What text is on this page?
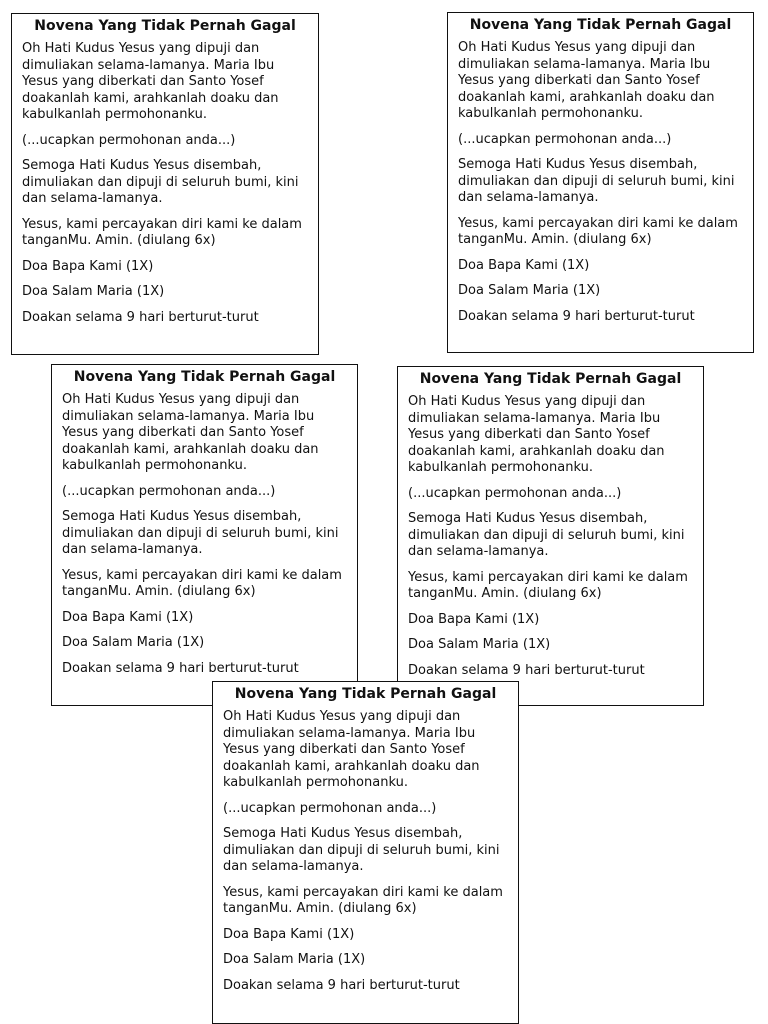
Novena Yang Tidak Pernah Gagal

Oh Hati Kudus Yesus yang dipuji dan dimuliakan selama-lamanya. Maria Ibu Yesus yang diberkati dan Santo Yosef doakanlah kami, arahkanlah doaku dan kabulkanlah permohonanku.

(...ucapkan permohonan anda...)

Semoga Hati Kudus Yesus disembah, dimuliakan dan dipuji di seluruh bumi, kini dan selama-lamanya.

Yesus, kami percayakan diri kami ke dalam tanganMu. Amin. (diulang 6x)

Doa Bapa Kami (1X)

Doa Salam Maria (1X)

Doakan selama 9 hari berturut-turut

Novena Yang Tidak Pernah Gagal

Oh Hati Kudus Yesus yang dipuji dan dimuliakan selama-lamanya. Maria Ibu Yesus yang diberkati dan Santo Yosef doakanlah kami, arahkanlah doaku dan kabulkanlah permohonanku.

(...ucapkan permohonan anda...)

Semoga Hati Kudus Yesus disembah, dimuliakan dan dipuji di seluruh bumi, kini dan selama-lamanya.

Yesus, kami percayakan diri kami ke dalam tanganMu. Amin. (diulang 6x)

Doa Bapa Kami (1X)

Doa Salam Maria (1X)

Doakan selama 9 hari berturut-turut

Novena Yang Tidak Pernah Gagal

Oh Hati Kudus Yesus yang dipuji dan dimuliakan selama-lamanya. Maria Ibu Yesus yang diberkati dan Santo Yosef doakanlah kami, arahkanlah doaku dan kabulkanlah permohonanku.

(...ucapkan permohonan anda...)

Semoga Hati Kudus Yesus disembah, dimuliakan dan dipuji di seluruh bumi, kini dan selama-lamanya.

Yesus, kami percayakan diri kami ke dalam tanganMu. Amin. (diulang 6x)

Doa Bapa Kami (1X)

Doa Salam Maria (1X)

Doakan selama 9 hari berturut-turut

Novena Yang Tidak Pernah Gagal

Oh Hati Kudus Yesus yang dipuji dan dimuliakan selama-lamanya. Maria Ibu Yesus yang diberkati dan Santo Yosef doakanlah kami, arahkanlah doaku dan kabulkanlah permohonanku.

(...ucapkan permohonan anda...)

Semoga Hati Kudus Yesus disembah, dimuliakan dan dipuji di seluruh bumi, kini dan selama-lamanya.

Yesus, kami percayakan diri kami ke dalam tanganMu. Amin. (diulang 6x)

Doa Bapa Kami (1X)

Doa Salam Maria (1X)

Doakan selama 9 hari berturut-turut

Novena Yang Tidak Pernah Gagal

Oh Hati Kudus Yesus yang dipuji dan dimuliakan selama-lamanya. Maria Ibu Yesus yang diberkati dan Santo Yosef doakanlah kami, arahkanlah doaku dan kabulkanlah permohonanku.

(...ucapkan permohonan anda...)

Semoga Hati Kudus Yesus disembah, dimuliakan dan dipuji di seluruh bumi, kini dan selama-lamanya.

Yesus, kami percayakan diri kami ke dalam tanganMu. Amin. (diulang 6x)

Doa Bapa Kami (1X)

Doa Salam Maria (1X)

Doakan selama 9 hari berturut-turut
